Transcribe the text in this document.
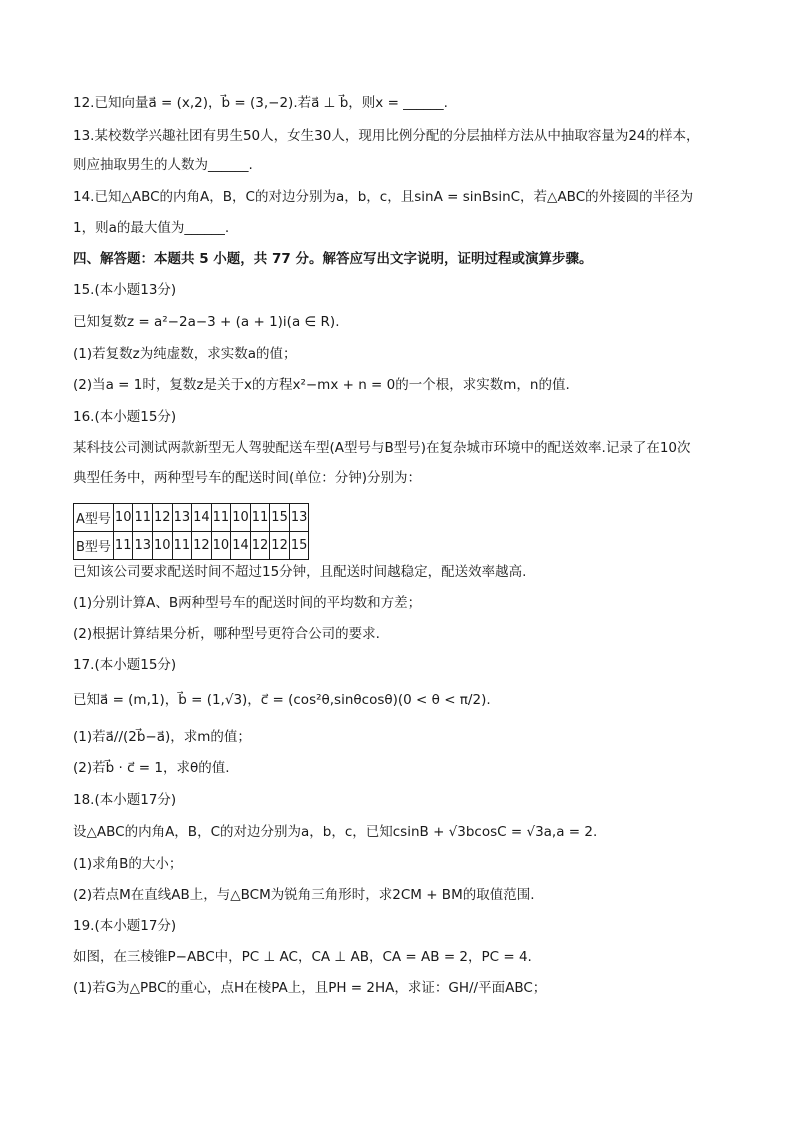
12.已知向量a⃗ = (x,2)，b⃗ = (3,−2).若a⃗ ⊥ b⃗，则x = ______.
13.某校数学兴趣社团有男生50人，女生30人，现用比例分配的分层抽样方法从中抽取容量为24的样本，
则应抽取男生的人数为______.
14.已知△ABC的内角A，B，C的对边分别为a，b，c，且sinA = sinBsinC，若△ABC的外接圆的半径为
1，则a的最大值为______.
四、解答题：本题共 5 小题，共 77 分。解答应写出文字说明，证明过程或演算步骤。
15.(本小题13分)
已知复数z = a²−2a−3 + (a + 1)i(a ∈ R).
(1)若复数z为纯虚数，求实数a的值；
(2)当a = 1时，复数z是关于x的方程x²−mx + n = 0的一个根，求实数m，n的值.
16.(本小题15分)
某科技公司测试两款新型无人驾驶配送车型(A型号与B型号)在复杂城市环境中的配送效率.记录了在10次
典型任务中，两种型号车的配送时间(单位：分钟)分别为：
已知该公司要求配送时间不超过15分钟，且配送时间越稳定，配送效率越高.
(1)分别计算A、B两种型号车的配送时间的平均数和方差；
(2)根据计算结果分析，哪种型号更符合公司的要求.
17.(本小题15分)
已知a⃗ = (m,1)，b⃗ = (1,√3)，c⃗ = (cos²θ,sinθcosθ)(0 < θ < π/2).
(1)若a⃗//(2b⃗−a⃗)，求m的值；
(2)若b⃗ · c⃗ = 1，求θ的值.
18.(本小题17分)
设△ABC的内角A，B，C的对边分别为a，b，c，已知csinB + √3bcosC = √3a,a = 2.
(1)求角B的大小；
(2)若点M在直线AB上，与△BCM为锐角三角形时，求2CM + BM的取值范围.
19.(本小题17分)
如图，在三棱锥P−ABC中，PC ⊥ AC，CA ⊥ AB，CA = AB = 2，PC = 4.
(1)若G为△PBC的重心，点H在棱PA上，且PH = 2HA，求证：GH//平面ABC；
A型号	10	11	12	13	14	11	10	11	15	13
B型号	11	13	10	11	12	10	14	12	12	15
